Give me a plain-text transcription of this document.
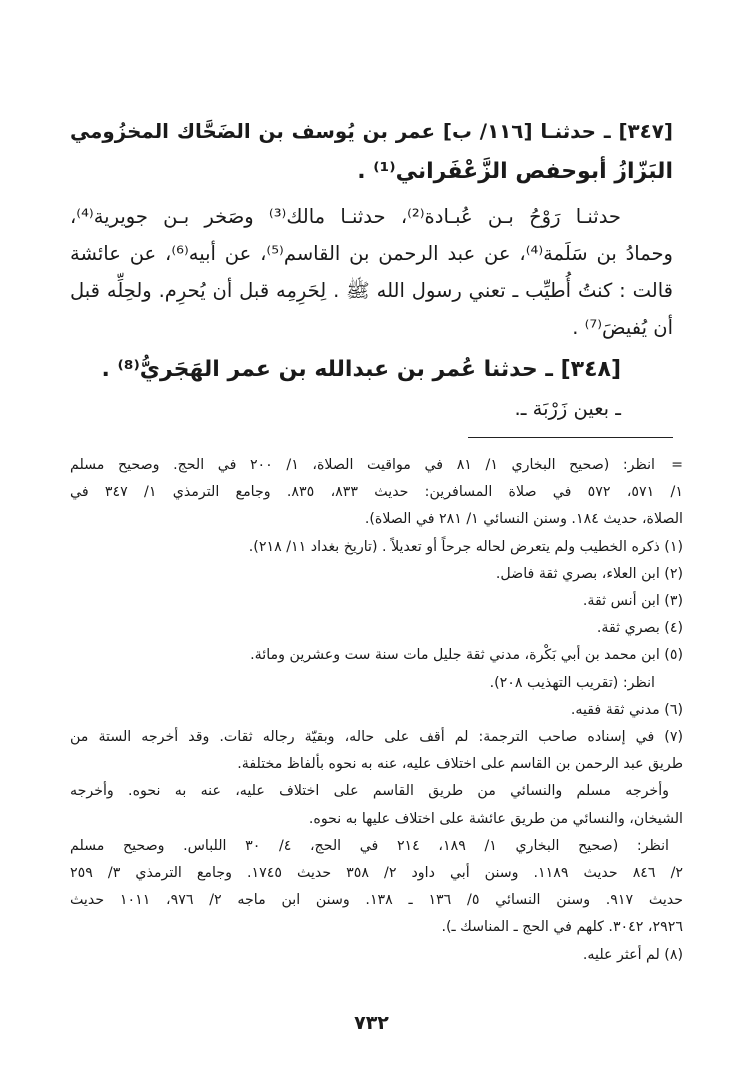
[٣٤٧] ـ حدثنـا [١١٦/ ب] عمر بن يُوسف بن الضَحَّاك المخزُومي
البَزّازُ أبوحفص الزَّعْفَراني⁽¹⁾ .
حدثنـا رَوْحُ بـن عُبـادة⁽²⁾، حدثنـا مالك⁽³⁾ وصَخر بـن جويرية⁽⁴⁾،
وحمادُ بن سَلَمة⁽⁴⁾، عن عبد الرحمن بن القاسم⁽⁵⁾، عن أبيه⁽⁶⁾، عن عائشة
قالت : كنتُ أُطيِّب ـ تعني رسول الله ﷺ . لِحَرِمِه قبل أن يُحرِم. ولحِلِّه قبل
أن يُفيضَ⁽⁷⁾ .
[٣٤٨] ـ حدثنا عُمر بن عبدالله بن عمر الهَجَريُّ⁽⁸⁾ .
ـ بعين زَرْبَة ـ.
=
انظر: (صحيح البخاري ١/ ٨١ في مواقيت الصلاة، ١/ ٢٠٠ في الحج. وصحيح مسلم
١/ ٥٧١، ٥٧٢ في صلاة المسافرين: حديث ٨٣٣، ٨٣٥. وجامع الترمذي ١/ ٣٤٧ في
الصلاة، حديث ١٨٤. وسنن النسائي ١/ ٢٨١ في الصلاة).
(١) ذكره الخطيب ولم يتعرض لحاله جرحاً أو تعديلاً . (تاريخ بغداد ١١/ ٢١٨).
(٢) ابن العلاء، بصري ثقة فاضل.
(٣) ابن أنس ثقة.
(٤) بصري ثقة.
(٥) ابن محمد بن أبي بَكْرة، مدني ثقة جليل مات سنة ست وعشرين ومائة.
انظر: (تقريب التهذيب ٢٠٨).
(٦) مدني ثقة فقيه.
(٧) في إسناده صاحب الترجمة: لم أقف على حاله، وبقيّة رجاله ثقات. وقد أخرجه الستة من
طريق عبد الرحمن بن القاسم على اختلاف عليه، عنه به نحوه بألفاظ مختلفة.
وأخرجه مسلم والنسائي من طريق القاسم على اختلاف عليه، عنه به نحوه. وأخرجه
الشيخان، والنسائي من طريق عائشة على اختلاف عليها به نحوه.
انظر: (صحيح البخاري ١/ ١٨٩، ٢١٤ في الحج، ٤/ ٣٠ اللباس. وصحيح مسلم
٢/ ٨٤٦ حديث ١١٨٩. وسنن أبي داود ٢/ ٣٥٨ حديث ١٧٤٥. وجامع الترمذي ٣/ ٢٥٩
حديث ٩١٧. وسنن النسائي ٥/ ١٣٦ ـ ١٣٨. وسنن ابن ماجه ٢/ ٩٧٦، ١٠١١ حديث
٢٩٢٦، ٣٠٤٢. كلهم في الحج ـ المناسك ـ).
(٨) لم أعثر عليه.
٧٣٢
